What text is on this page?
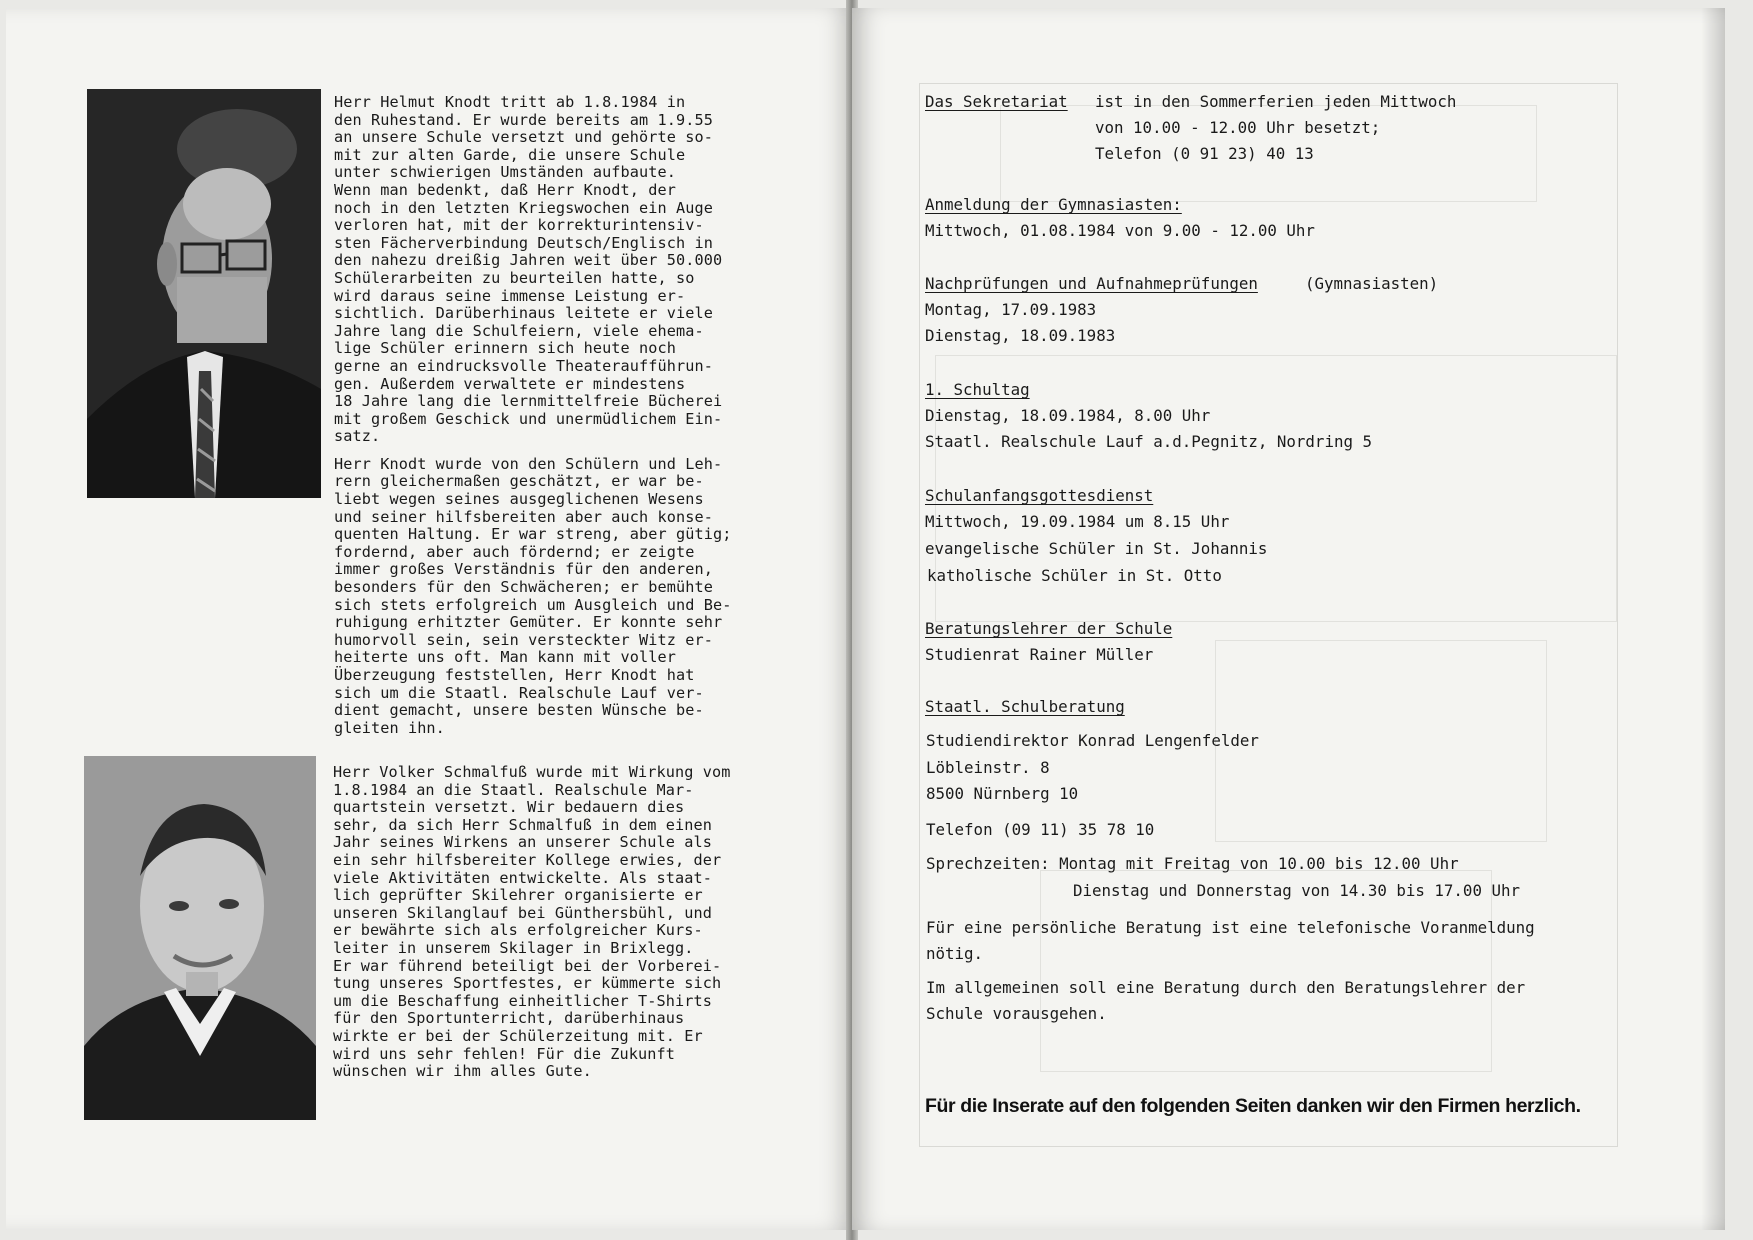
Herr Helmut Knodt tritt ab 1.8.1984 in
den Ruhestand. Er wurde bereits am 1.9.55
an unsere Schule versetzt und gehörte so-
mit zur alten Garde, die unsere Schule
unter schwierigen Umständen aufbaute.
Wenn man bedenkt, daß Herr Knodt, der
noch in den letzten Kriegswochen ein Auge
verloren hat, mit der korrekturintensiv-
sten Fächerverbindung Deutsch/Englisch in
den nahezu dreißig Jahren weit über 50.000
Schülerarbeiten zu beurteilen hatte, so
wird daraus seine immense Leistung er-
sichtlich. Darüberhinaus leitete er viele
Jahre lang die Schulfeiern, viele ehema-
lige Schüler erinnern sich heute noch
gerne an eindrucksvolle Theateraufführun-
gen. Außerdem verwaltete er mindestens
18 Jahre lang die lernmittelfreie Bücherei
mit großem Geschick und unermüdlichem Ein-
satz.

Herr Knodt wurde von den Schülern und Leh-
rern gleichermaßen geschätzt, er war be-
liebt wegen seines ausgeglichenen Wesens
und seiner hilfsbereiten aber auch konse-
quenten Haltung. Er war streng, aber gütig;
fordernd, aber auch fördernd; er zeigte
immer großes Verständnis für den anderen,
besonders für den Schwächeren; er bemühte
sich stets erfolgreich um Ausgleich und Be-
ruhigung erhitzter Gemüter. Er konnte sehr
humorvoll sein, sein versteckter Witz er-
heiterte uns oft. Man kann mit voller
Überzeugung feststellen, Herr Knodt hat
sich um die Staatl. Realschule Lauf ver-
dient gemacht, unsere besten Wünsche be-
gleiten ihn.

Herr Volker Schmalfuß wurde mit Wirkung vom
1.8.1984 an die Staatl. Realschule Mar-
quartstein versetzt. Wir bedauern dies
sehr, da sich Herr Schmalfuß in dem einen
Jahr seines Wirkens an unserer Schule als
ein sehr hilfsbereiter Kollege erwies, der
viele Aktivitäten entwickelte. Als staat-
lich geprüfter Skilehrer organisierte er
unseren Skilanglauf bei Günthersbühl, und
er bewährte sich als erfolgreicher Kurs-
leiter in unserem Skilager in Brixlegg.
Er war führend beteiligt bei der Vorberei-
tung unseres Sportfestes, er kümmerte sich
um die Beschaffung einheitlicher T-Shirts
für den Sportunterricht, darüberhinaus
wirkte er bei der Schülerzeitung mit. Er
wird uns sehr fehlen! Für die Zukunft
wünschen wir ihm alles Gute.

Das Sekretariat ist in den Sommerferien jeden Mittwoch
von 10.00 - 12.00 Uhr besetzt;
Telefon (0 91 23) 40 13
Anmeldung der Gymnasiasten:
Mittwoch, 01.08.1984 von 9.00 - 12.00 Uhr
Nachprüfungen und Aufnahmeprüfungen	(Gymnasiasten)
Montag, 17.09.1983
Dienstag, 18.09.1983
1. Schultag
Dienstag, 18.09.1984, 8.00 Uhr
Staatl. Realschule Lauf a.d.Pegnitz, Nordring 5
Schulanfangsgottesdienst
Mittwoch, 19.09.1984 um 8.15 Uhr
evangelische Schüler in St. Johannis
katholische Schüler in St. Otto
Beratungslehrer der Schule
Studienrat Rainer Müller
Staatl. Schulberatung
Studiendirektor Konrad Lengenfelder
Löbleinstr. 8
8500 Nürnberg 10
Telefon (09 11) 35 78 10
Sprechzeiten: Montag mit Freitag von 10.00 bis 12.00 Uhr
Dienstag und Donnerstag von 14.30 bis 17.00 Uhr
Für eine persönliche Beratung ist eine telefonische Voranmeldung
nötig.
Im allgemeinen soll eine Beratung durch den Beratungslehrer der
Schule vorausgehen.
Für die Inserate auf den folgenden Seiten danken wir den Firmen herzlich.
